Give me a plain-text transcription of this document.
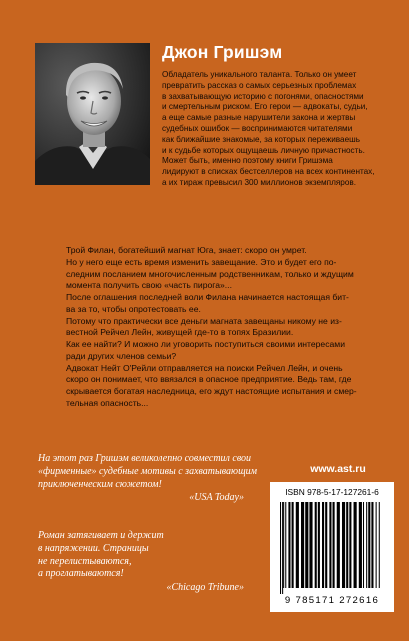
Джон Гришэм
Обладатель уникального таланта. Только он умеет
превратить рассказ о самых серьезных проблемах
в захватывающую историю с погонями, опасностями
и смертельным риском. Его герои — адвокаты, судьи,
а еще самые разные нарушители закона и жертвы
судебных ошибок — воспринимаются читателями
как ближайшие знакомые, за которых переживаешь
и к судьбе которых ощущаешь личную причастность.
Может быть, именно поэтому книги Гришэма
лидируют в списках бестселлеров на всех континентах,
а их тираж превысил 300 миллионов экземпляров.
Трой Филан, богатейший магнат Юга, знает: скоро он умрет.
Но у него еще есть время изменить завещание. Это и будет его по-
следним посланием многочисленным родственникам, только и ждущим
момента получить свою «часть пирога»...
После оглашения последней воли Филана начинается настоящая бит-
ва за то, чтобы опротестовать ее.
Потому что практически все деньги магната завещаны никому не из-
вестной Рейчел Лейн, живущей где-то в топях Бразилии.
Как ее найти? И можно ли уговорить поступиться своими интересами
ради других членов семьи?
Адвокат Нейт О'Рейли отправляется на поиски Рейчел Лейн, и очень
скоро он понимает, что ввязался в опасное предприятие. Ведь там, где
скрывается богатая наследница, его ждут настоящие испытания и смер-
тельная опасность...
На этот раз Гришэм великолепно совместил свои
«фирменные» судебные мотивы с захватывающим
приключенческим сюжетом!
«USA Today»
Роман затягивает и держит
в напряжении. Страницы
не перелистываются,
а проглатываются!
«Chicago Tribune»
www.ast.ru
ISBN 978-5-17-127261-6
9 785171 272616
